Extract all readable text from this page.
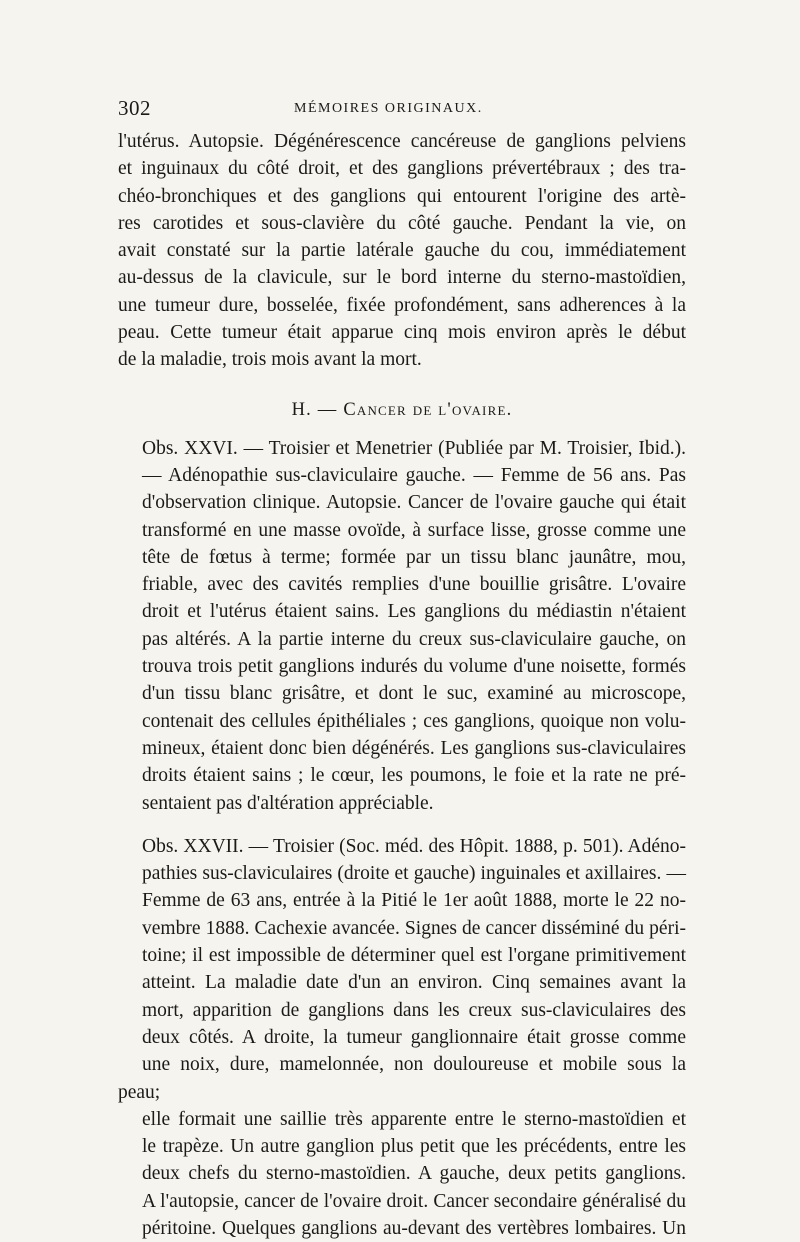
302	MÉMOIRES ORIGINAUX.
l'utérus. Autopsie. Dégénérescence cancéreuse de ganglions pelviens
et inguinaux du côté droit, et des ganglions prévertébraux ; des tra-
chéo-bronchiques et des ganglions qui entourent l'origine des artè-
res carotides et sous-clavière du côté gauche. Pendant la vie, on
avait constaté sur la partie latérale gauche du cou, immédiatement
au-dessus de la clavicule, sur le bord interne du sterno-mastoïdien,
une tumeur dure, bosselée, fixée profondément, sans adherences à la
peau. Cette tumeur était apparue cinq mois environ après le début
de la maladie, trois mois avant la mort.
H. — Cancer de l'ovaire.
Obs. XXVI. — Troisier et Menetrier (Publiée par M. Troisier, Ibid.).
— Adénopathie sus-claviculaire gauche. — Femme de 56 ans. Pas
d'observation clinique. Autopsie. Cancer de l'ovaire gauche qui était
transformé en une masse ovoïde, à surface lisse, grosse comme une
tête de fœtus à terme; formée par un tissu blanc jaunâtre, mou,
friable, avec des cavités remplies d'une bouillie grisâtre. L'ovaire
droit et l'utérus étaient sains. Les ganglions du médiastin n'étaient
pas altérés. A la partie interne du creux sus-claviculaire gauche, on
trouva trois petit ganglions indurés du volume d'une noisette, formés
d'un tissu blanc grisâtre, et dont le suc, examiné au microscope,
contenait des cellules épithéliales ; ces ganglions, quoique non volu-
mineux, étaient donc bien dégénérés. Les ganglions sus-claviculaires
droits étaient sains ; le cœur, les poumons, le foie et la rate ne pré-
sentaient pas d'altération appréciable.
Obs. XXVII. — Troisier (Soc. méd. des Hôpit. 1888, p. 501). Adéno-
pathies sus-claviculaires (droite et gauche) inguinales et axillaires. —
Femme de 63 ans, entrée à la Pitié le 1er août 1888, morte le 22 no-
vembre 1888. Cachexie avancée. Signes de cancer disséminé du péri-
toine; il est impossible de déterminer quel est l'organe primitivement
atteint. La maladie date d'un an environ. Cinq semaines avant la
mort, apparition de ganglions dans les creux sus-claviculaires des
deux côtés. A droite, la tumeur ganglionnaire était grosse comme
une noix, dure, mamelonnée, non douloureuse et mobile sous la peau;
elle formait une saillie très apparente entre le sterno-mastoïdien et
le trapèze. Un autre ganglion plus petit que les précédents, entre les
deux chefs du sterno-mastoïdien. A gauche, deux petits ganglions.
A l'autopsie, cancer de l'ovaire droit. Cancer secondaire généralisé du
péritoine. Quelques ganglions au-devant des vertèbres lombaires. Un
